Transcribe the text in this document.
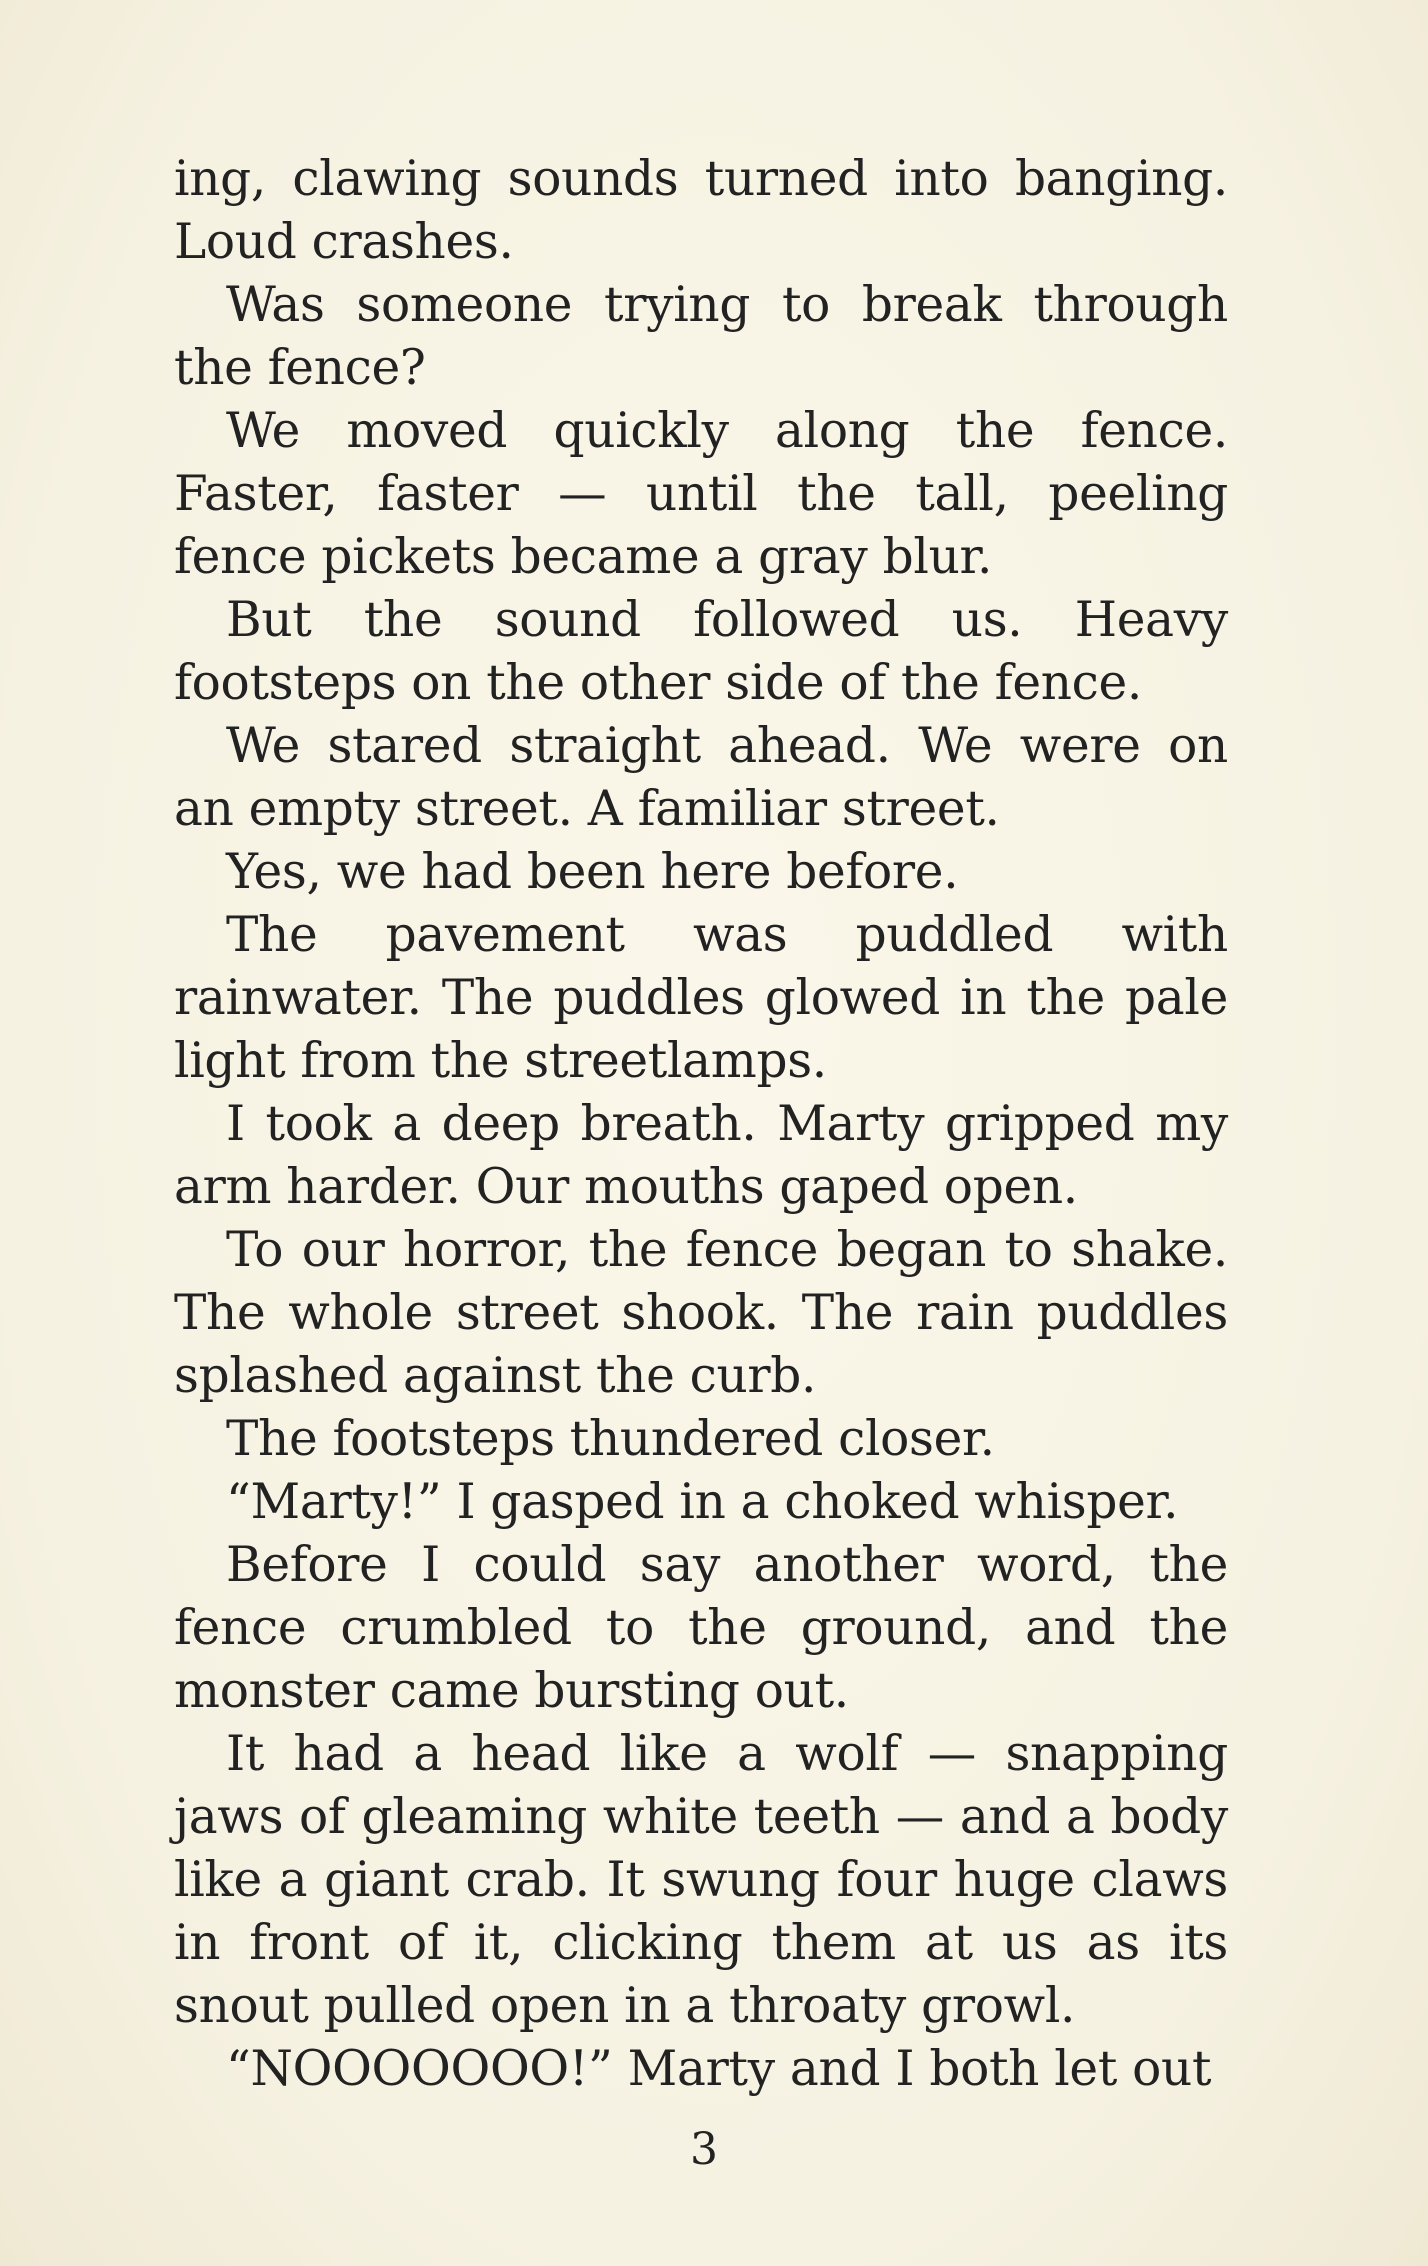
ing, clawing sounds turned into banging. Loud crashes.

Was someone trying to break through the fence?

We moved quickly along the fence. Faster, faster — until the tall, peeling fence pickets became a gray blur.

But the sound followed us. Heavy footsteps on the other side of the fence.

We stared straight ahead. We were on an empty street. A familiar street.

Yes, we had been here before.

The pavement was puddled with rainwater. The puddles glowed in the pale light from the streetlamps.

I took a deep breath. Marty gripped my arm harder. Our mouths gaped open.

To our horror, the fence began to shake. The whole street shook. The rain puddles splashed against the curb.

The footsteps thundered closer.

“Marty!” I gasped in a choked whisper.

Before I could say another word, the fence crumbled to the ground, and the monster came bursting out.

It had a head like a wolf — snapping jaws of gleaming white teeth — and a body like a giant crab. It swung four huge claws in front of it, clicking them at us as its snout pulled open in a throaty growl.

“NOOOOOOO!” Marty and I both let out

3
